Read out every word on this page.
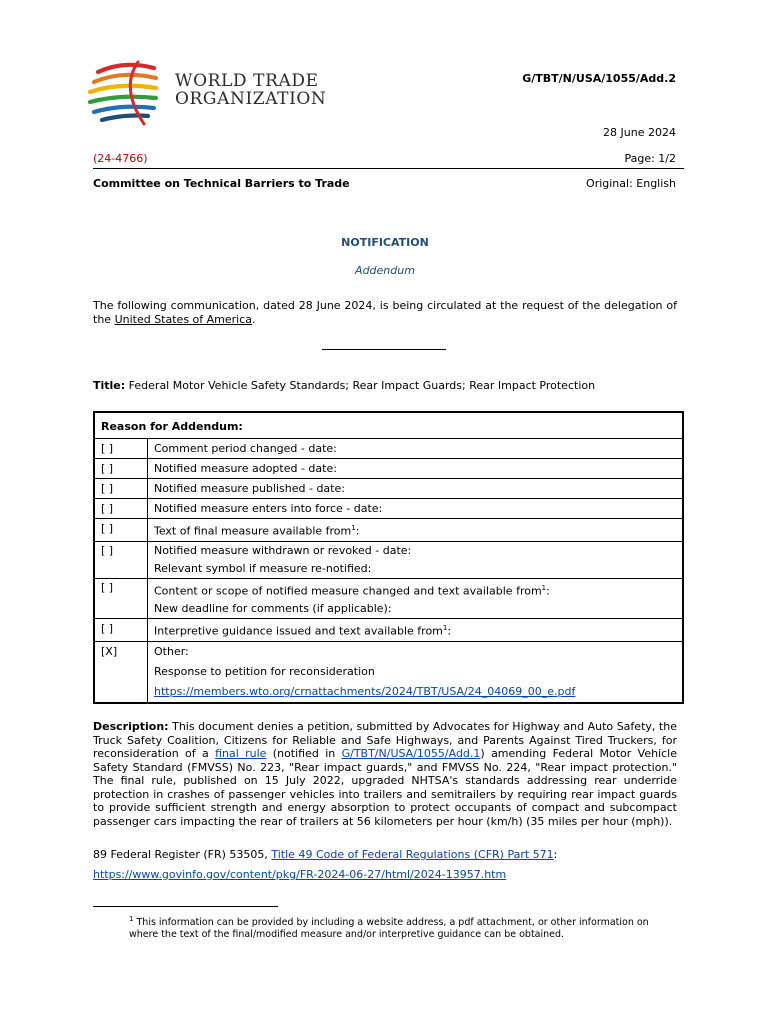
WORLD TRADE
ORGANIZATION
G/TBT/N/USA/1055/Add.2
28 June 2024
(24-4766)	Page: 1/2
Committee on Technical Barriers to Trade	Original: English
NOTIFICATION
Addendum
The following communication, dated 28 June 2024, is being circulated at the request of the delegation of the United States of America.
Title: Federal Motor Vehicle Safety Standards; Rear Impact Guards; Rear Impact Protection
Reason for Addendum:	
[ ]	Comment period changed - date:
[ ]	Notified measure adopted - date:
[ ]	Notified measure published - date:
[ ]	Notified measure enters into force - date:
[ ]	Text of final measure available from$^1$:
[ ]	Notified measure withdrawn or revoked - date:
Relevant symbol if measure re-notified:

[ ]	Content or scope of notified measure changed and text available from$^1$:
New deadline for comments (if applicable):

[ ]	Interpretive guidance issued and text available from$^1$:
[X]	Other:
Response to petition for reconsideration
https://members.wto.org/crnattachments/2024/TBT/USA/24_04069_00_e.pdf
Description: This document denies a petition, submitted by Advocates for Highway and Auto Safety, the Truck Safety Coalition, Citizens for Reliable and Safe Highways, and Parents Against Tired Truckers, for reconsideration of a final rule (notified in G/TBT/N/USA/1055/Add.1) amending Federal Motor Vehicle Safety Standard (FMVSS) No. 223, "Rear impact guards," and FMVSS No. 224, "Rear impact protection." The final rule, published on 15 July 2022, upgraded NHTSA's standards addressing rear underride protection in crashes of passenger vehicles into trailers and semitrailers by requiring rear impact guards to provide sufficient strength and energy absorption to protect occupants of compact and subcompact passenger cars impacting the rear of trailers at 56 kilometers per hour (km/h) (35 miles per hour (mph)).
89 Federal Register (FR) 53505, Title 49 Code of Federal Regulations (CFR) Part 571:
https://www.govinfo.gov/content/pkg/FR-2024-06-27/html/2024-13957.htm
$^1$ This information can be provided by including a website address, a pdf attachment, or other information on where the text of the final/modified measure and/or interpretive guidance can be obtained.
